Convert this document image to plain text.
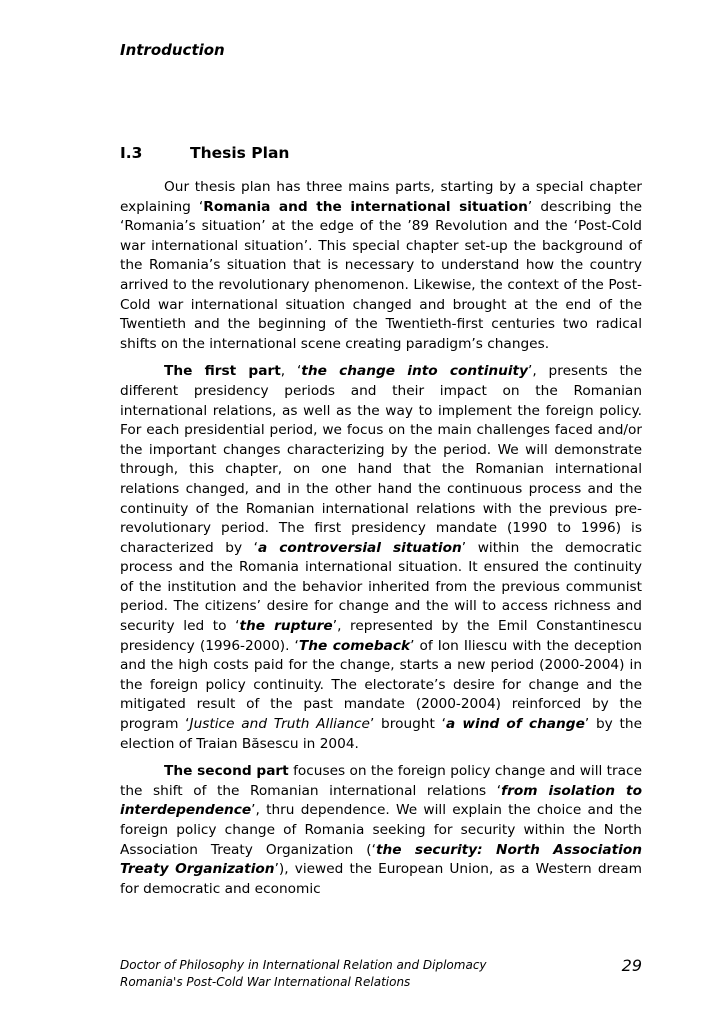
Introduction
I.3	Thesis Plan

Our thesis plan has three mains parts, starting by a special chapter explaining ‘Romania and the international situation’ describing the ‘Romania’s situation’ at the edge of the ’89 Revolution and the ‘Post-Cold war international situation’. This special chapter set-up the background of the Romania’s situation that is necessary to understand how the country arrived to the revolutionary phenomenon. Likewise, the context of the Post-Cold war international situation changed and brought at the end of the Twentieth and the beginning of the Twentieth-first centuries two radical shifts on the international scene creating paradigm’s changes.

The first part, ‘the change into continuity’, presents the different presidency periods and their impact on the Romanian international relations, as well as the way to implement the foreign policy. For each presidential period, we focus on the main challenges faced and/or the important changes characterizing by the period. We will demonstrate through, this chapter, on one hand that the Romanian international relations changed, and in the other hand the continuous process and the continuity of the Romanian international relations with the previous pre-revolutionary period. The first presidency mandate (1990 to 1996) is characterized by ‘a controversial situation’ within the democratic process and the Romania international situation. It ensured the continuity of the institution and the behavior inherited from the previous communist period. The citizens’ desire for change and the will to access richness and security led to ‘the rupture’, represented by the Emil Constantinescu presidency (1996-2000). ‘The comeback’ of Ion Iliescu with the deception and the high costs paid for the change, starts a new period (2000-2004) in the foreign policy continuity. The electorate’s desire for change and the mitigated result of the past mandate (2000-2004) reinforced by the program ‘Justice and Truth Alliance’ brought ‘a wind of change’ by the election of Traian Băsescu in 2004.

The second part focuses on the foreign policy change and will trace the shift of the Romanian international relations ‘from isolation to interdependence’, thru dependence. We will explain the choice and the foreign policy change of Romania seeking for security within the North Association Treaty Organization (‘the security: North Association Treaty Organization’), viewed the European Union, as a Western dream for democratic and economic

Doctor of Philosophy in International Relation and Diplomacy
Romania's Post-Cold War International Relations
29
